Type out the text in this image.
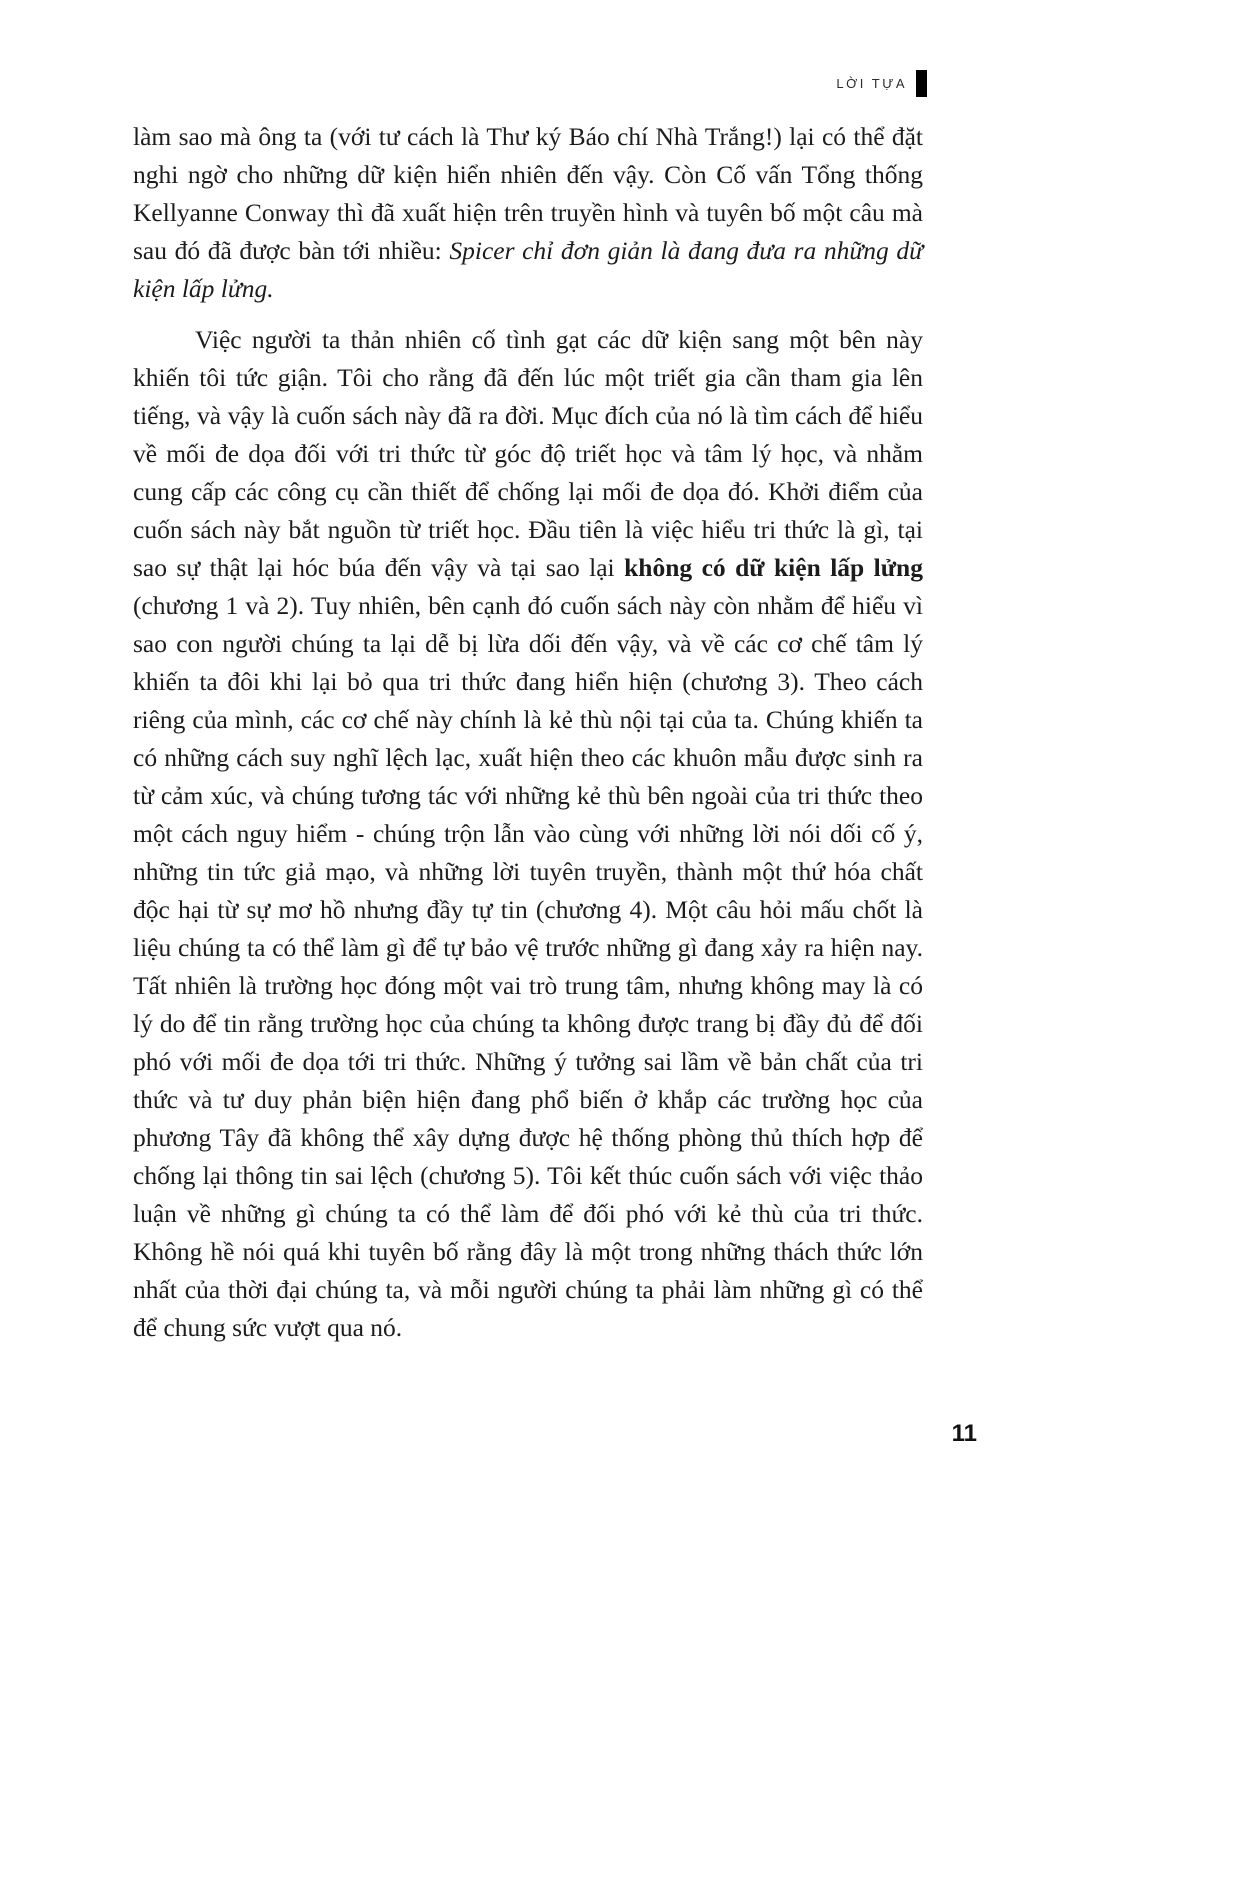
LỜI TỰA

làm sao mà ông ta (với tư cách là Thư ký Báo chí Nhà Trắng!) lại có thể đặt nghi ngờ cho những dữ kiện hiển nhiên đến vậy. Còn Cố vấn Tổng thống Kellyanne Conway thì đã xuất hiện trên truyền hình và tuyên bố một câu mà sau đó đã được bàn tới nhiều: Spicer chỉ đơn giản là đang đưa ra những dữ kiện lấp lửng.

Việc người ta thản nhiên cố tình gạt các dữ kiện sang một bên này khiến tôi tức giận. Tôi cho rằng đã đến lúc một triết gia cần tham gia lên tiếng, và vậy là cuốn sách này đã ra đời. Mục đích của nó là tìm cách để hiểu về mối đe dọa đối với tri thức từ góc độ triết học và tâm lý học, và nhằm cung cấp các công cụ cần thiết để chống lại mối đe dọa đó. Khởi điểm của cuốn sách này bắt nguồn từ triết học. Đầu tiên là việc hiểu tri thức là gì, tại sao sự thật lại hóc búa đến vậy và tại sao lại không có dữ kiện lấp lửng (chương 1 và 2). Tuy nhiên, bên cạnh đó cuốn sách này còn nhằm để hiểu vì sao con người chúng ta lại dễ bị lừa dối đến vậy, và về các cơ chế tâm lý khiến ta đôi khi lại bỏ qua tri thức đang hiển hiện (chương 3). Theo cách riêng của mình, các cơ chế này chính là kẻ thù nội tại của ta. Chúng khiến ta có những cách suy nghĩ lệch lạc, xuất hiện theo các khuôn mẫu được sinh ra từ cảm xúc, và chúng tương tác với những kẻ thù bên ngoài của tri thức theo một cách nguy hiểm - chúng trộn lẫn vào cùng với những lời nói dối cố ý, những tin tức giả mạo, và những lời tuyên truyền, thành một thứ hóa chất độc hại từ sự mơ hồ nhưng đầy tự tin (chương 4). Một câu hỏi mấu chốt là liệu chúng ta có thể làm gì để tự bảo vệ trước những gì đang xảy ra hiện nay. Tất nhiên là trường học đóng một vai trò trung tâm, nhưng không may là có lý do để tin rằng trường học của chúng ta không được trang bị đầy đủ để đối phó với mối đe dọa tới tri thức. Những ý tưởng sai lầm về bản chất của tri thức và tư duy phản biện hiện đang phổ biến ở khắp các trường học của phương Tây đã không thể xây dựng được hệ thống phòng thủ thích hợp để chống lại thông tin sai lệch (chương 5). Tôi kết thúc cuốn sách với việc thảo luận về những gì chúng ta có thể làm để đối phó với kẻ thù của tri thức. Không hề nói quá khi tuyên bố rằng đây là một trong những thách thức lớn nhất của thời đại chúng ta, và mỗi người chúng ta phải làm những gì có thể để chung sức vượt qua nó.

11
